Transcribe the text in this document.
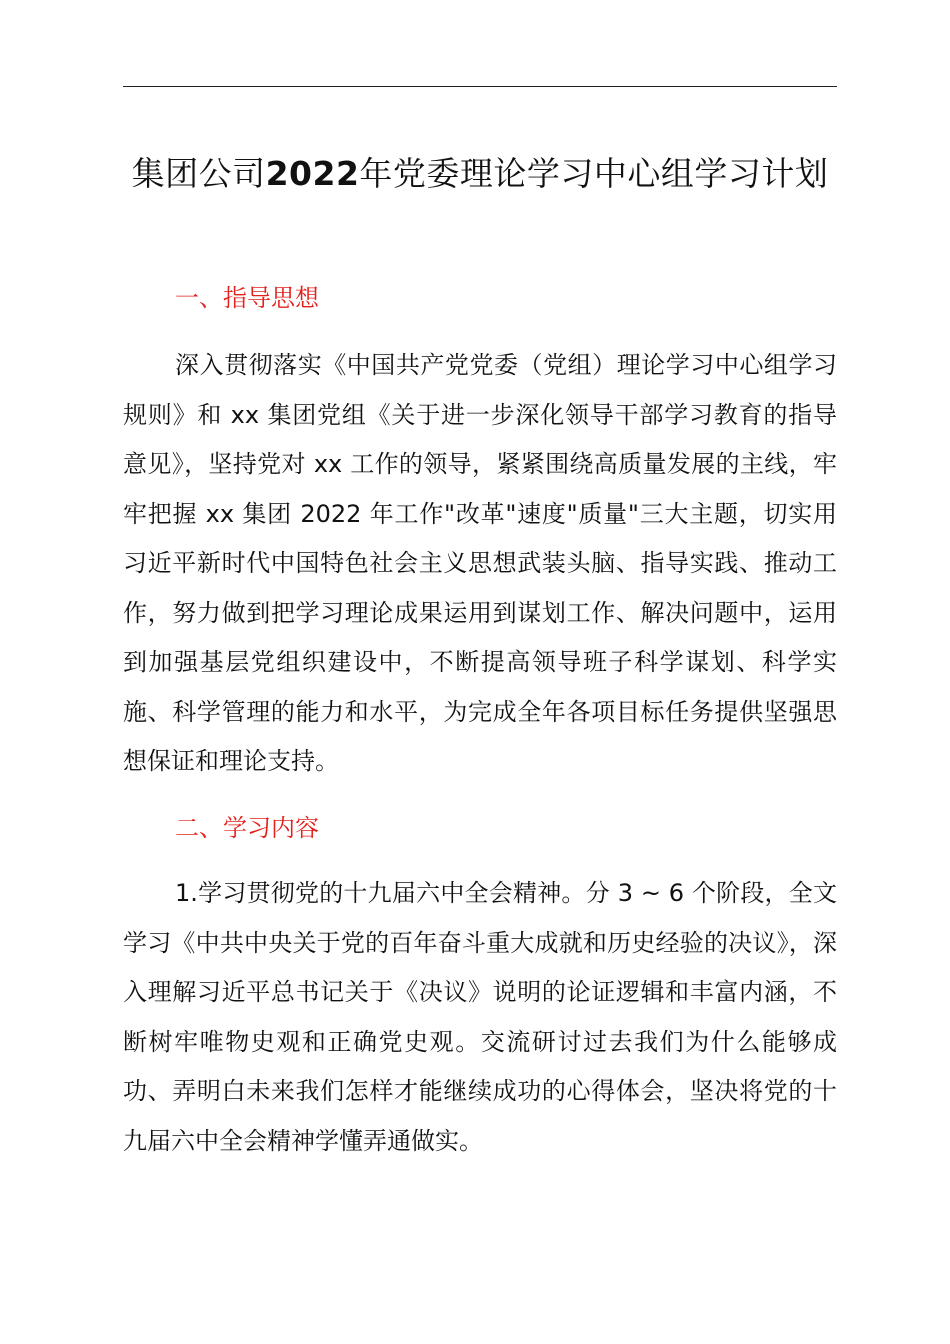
集团公司2022年党委理论学习中心组学习计划
一、指导思想

深入贯彻落实《中国共产党党委（党组）理论学习中心组学习规则》和 xx 集团党组《关于进一步深化领导干部学习教育的指导意见》，坚持党对 xx 工作的领导，紧紧围绕高质量发展的主线，牢牢把握 xx 集团 2022 年工作"改革"速度"质量"三大主题，切实用习近平新时代中国特色社会主义思想武装头脑、指导实践、推动工作，努力做到把学习理论成果运用到谋划工作、解决问题中，运用到加强基层党组织建设中，不断提高领导班子科学谋划、科学实施、科学管理的能力和水平，为完成全年各项目标任务提供坚强思想保证和理论支持。

二、学习内容

1.学习贯彻党的十九届六中全会精神。分 3 ~ 6 个阶段，全文学习《中共中央关于党的百年奋斗重大成就和历史经验的决议》，深入理解习近平总书记关于《决议》说明的论证逻辑和丰富内涵，不断树牢唯物史观和正确党史观。交流研讨过去我们为什么能够成功、弄明白未来我们怎样才能继续成功的心得体会，坚决将党的十九届六中全会精神学懂弄通做实。
